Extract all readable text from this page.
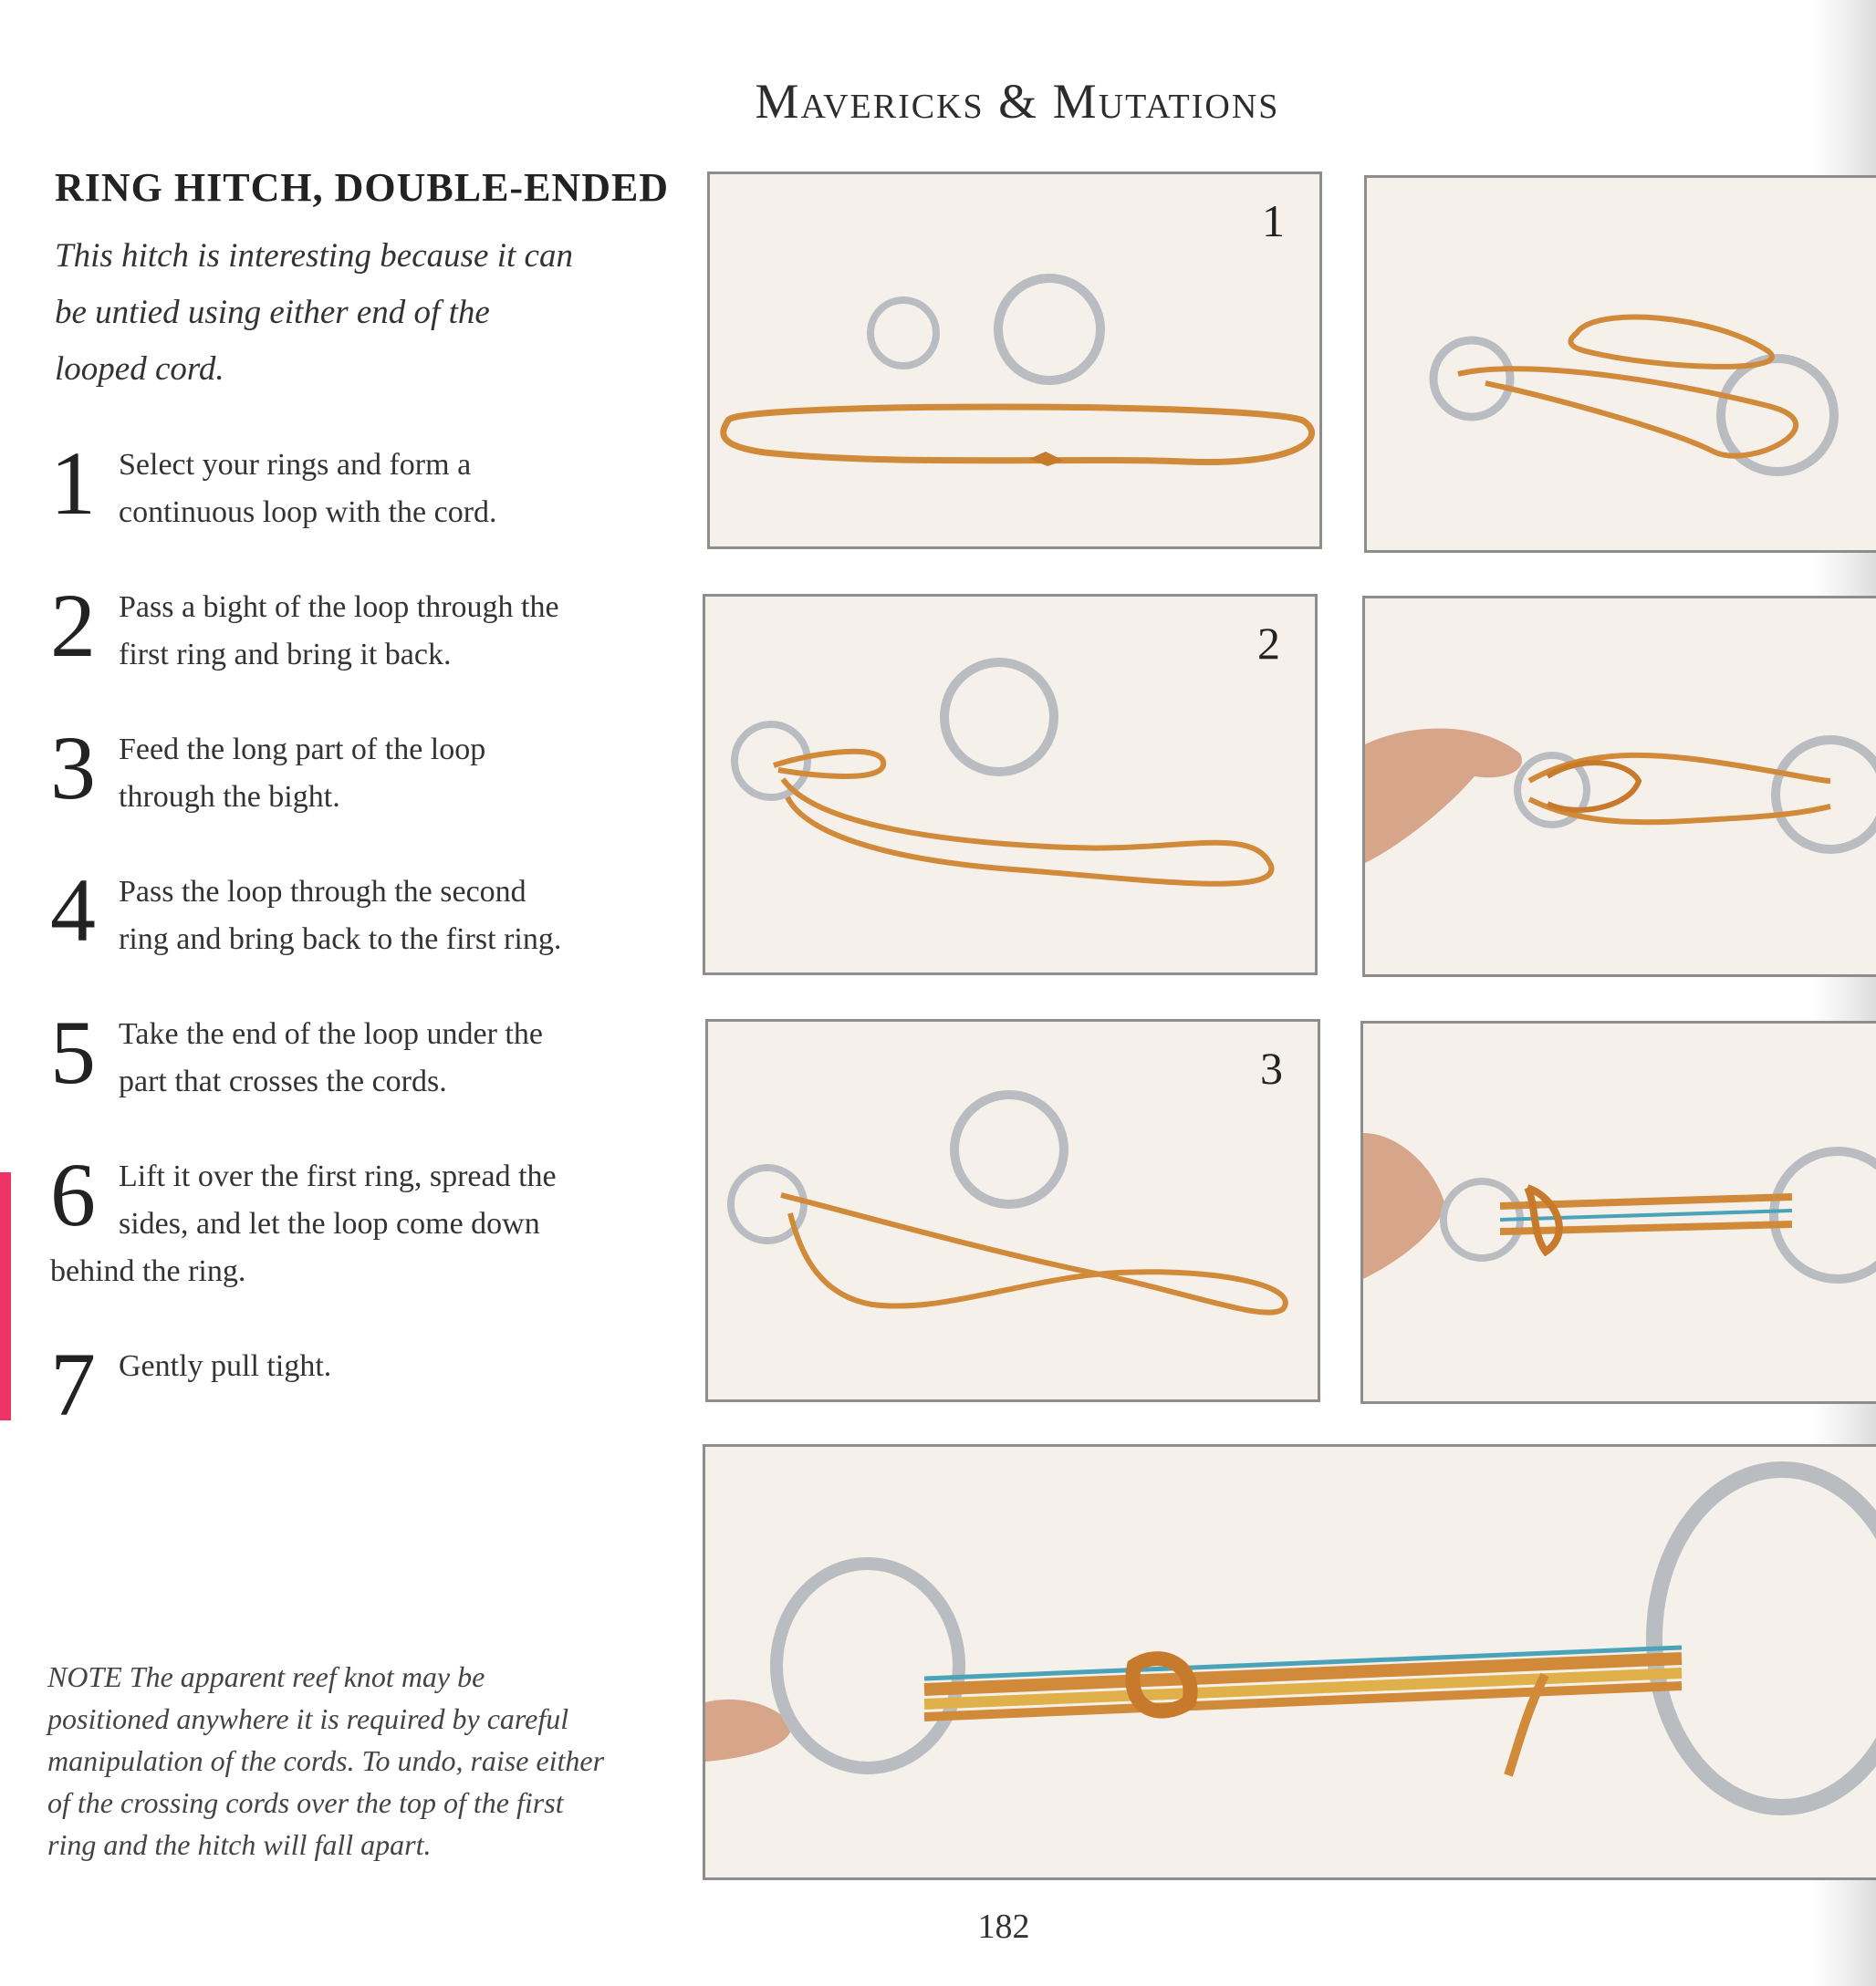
Mavericks & Mutations
RING HITCH, DOUBLE-ENDED
This hitch is interesting because it can
be untied using either end of the
looped cord.
1 Select your rings and form a
continuous loop with the cord.
2 Pass a bight of the loop through the
first ring and bring it back.
3 Feed the long part of the loop
through the bight.
4 Pass the loop through the second
ring and bring back to the first ring.
5 Take the end of the loop under the
part that crosses the cords.
6 Lift it over the first ring, spread the
sides, and let the loop come down
behind the ring.
7 Gently pull tight.
NOTE The apparent reef knot may be
positioned anywhere it is required by careful
manipulation of the cords. To undo, raise either
of the crossing cords over the top of the first
ring and the hitch will fall apart.
1
2
3
182
